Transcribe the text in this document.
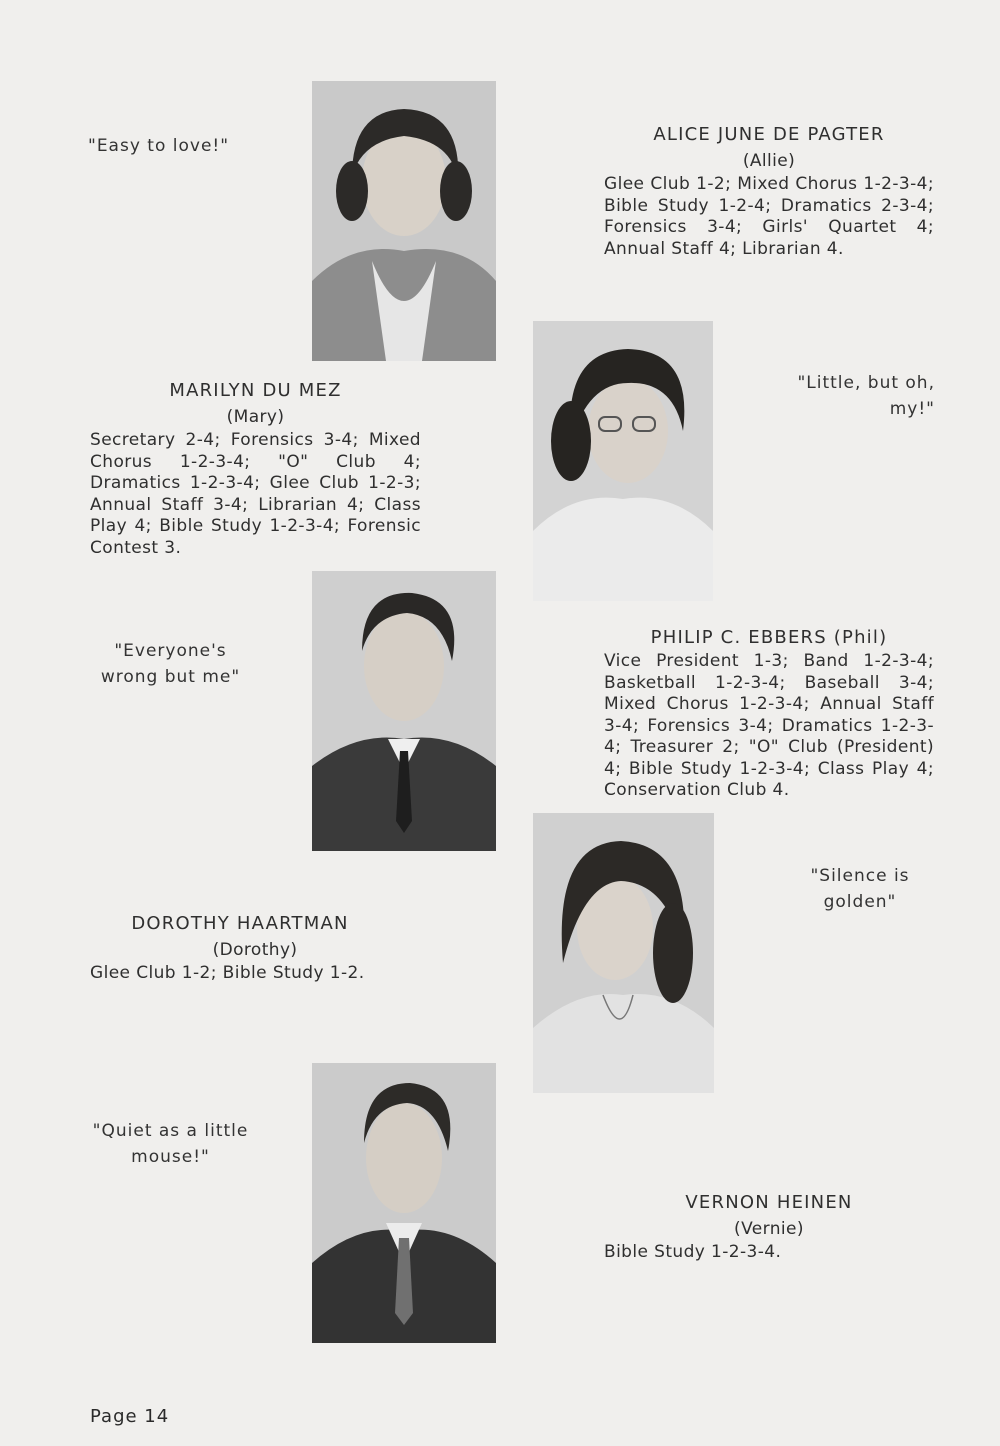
"Easy to love!"
ALICE JUNE DE PAGTER
(Allie)
Glee Club 1-2; Mixed Chorus 1-2-3-4; Bible Study 1-2-4; Dramatics 2-3-4; Forensics 3-4; Girls' Quartet 4; Annual Staff 4; Librarian 4.
"Little, but oh, my!"
MARILYN DU MEZ
(Mary)
Secretary 2-4; Forensics 3-4; Mixed Chorus 1-2-3-4; "O" Club 4; Dramatics 1-2-3-4; Glee Club 1-2-3; Annual Staff 3-4; Librarian 4; Class Play 4; Bible Study 1-2-3-4; Forensic Contest 3.
"Everyone's wrong but me"
PHILIP C. EBBERS (Phil)
Vice President 1-3; Band 1-2-3-4; Basketball 1-2-3-4; Baseball 3-4; Mixed Chorus 1-2-3-4; Annual Staff 3-4; Forensics 3-4; Dramatics 1-2-3-4; Treasurer 2; "O" Club (President) 4; Bible Study 1-2-3-4; Class Play 4; Conservation Club 4.
"Silence is golden"
DOROTHY HAARTMAN
(Dorothy)
Glee Club 1-2; Bible Study 1-2.
"Quiet as a little mouse!"
VERNON HEINEN
(Vernie)
Bible Study 1-2-3-4.
Page 14
